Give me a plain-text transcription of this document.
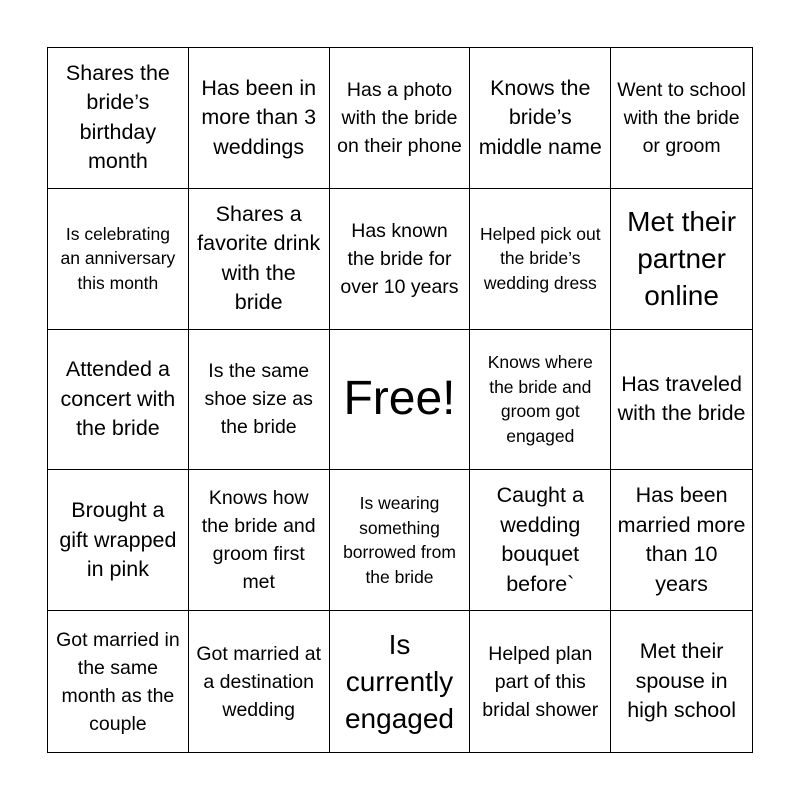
Shares the bride’s birthday month
Has been in more than 3 weddings
Has a photo with the bride on their phone
Knows the bride’s middle name
Went to school with the bride or groom
Is celebrating an anniversary this month
Shares a favorite drink with the bride
Has known the bride for over 10 years
Helped pick out the bride’s wedding dress
Met their partner online
Attended a concert with the bride
Is the same shoe size as the bride
Free!
Knows where the bride and groom got engaged
Has traveled with the bride
Brought a gift wrapped in pink
Knows how the bride and groom first met
Is wearing something borrowed from the bride
Caught a wedding bouquet before`
Has been married more than 10 years
Got married in the same month as the couple
Got married at a destination wedding
Is currently engaged
Helped plan part of this bridal shower
Met their spouse in high school
